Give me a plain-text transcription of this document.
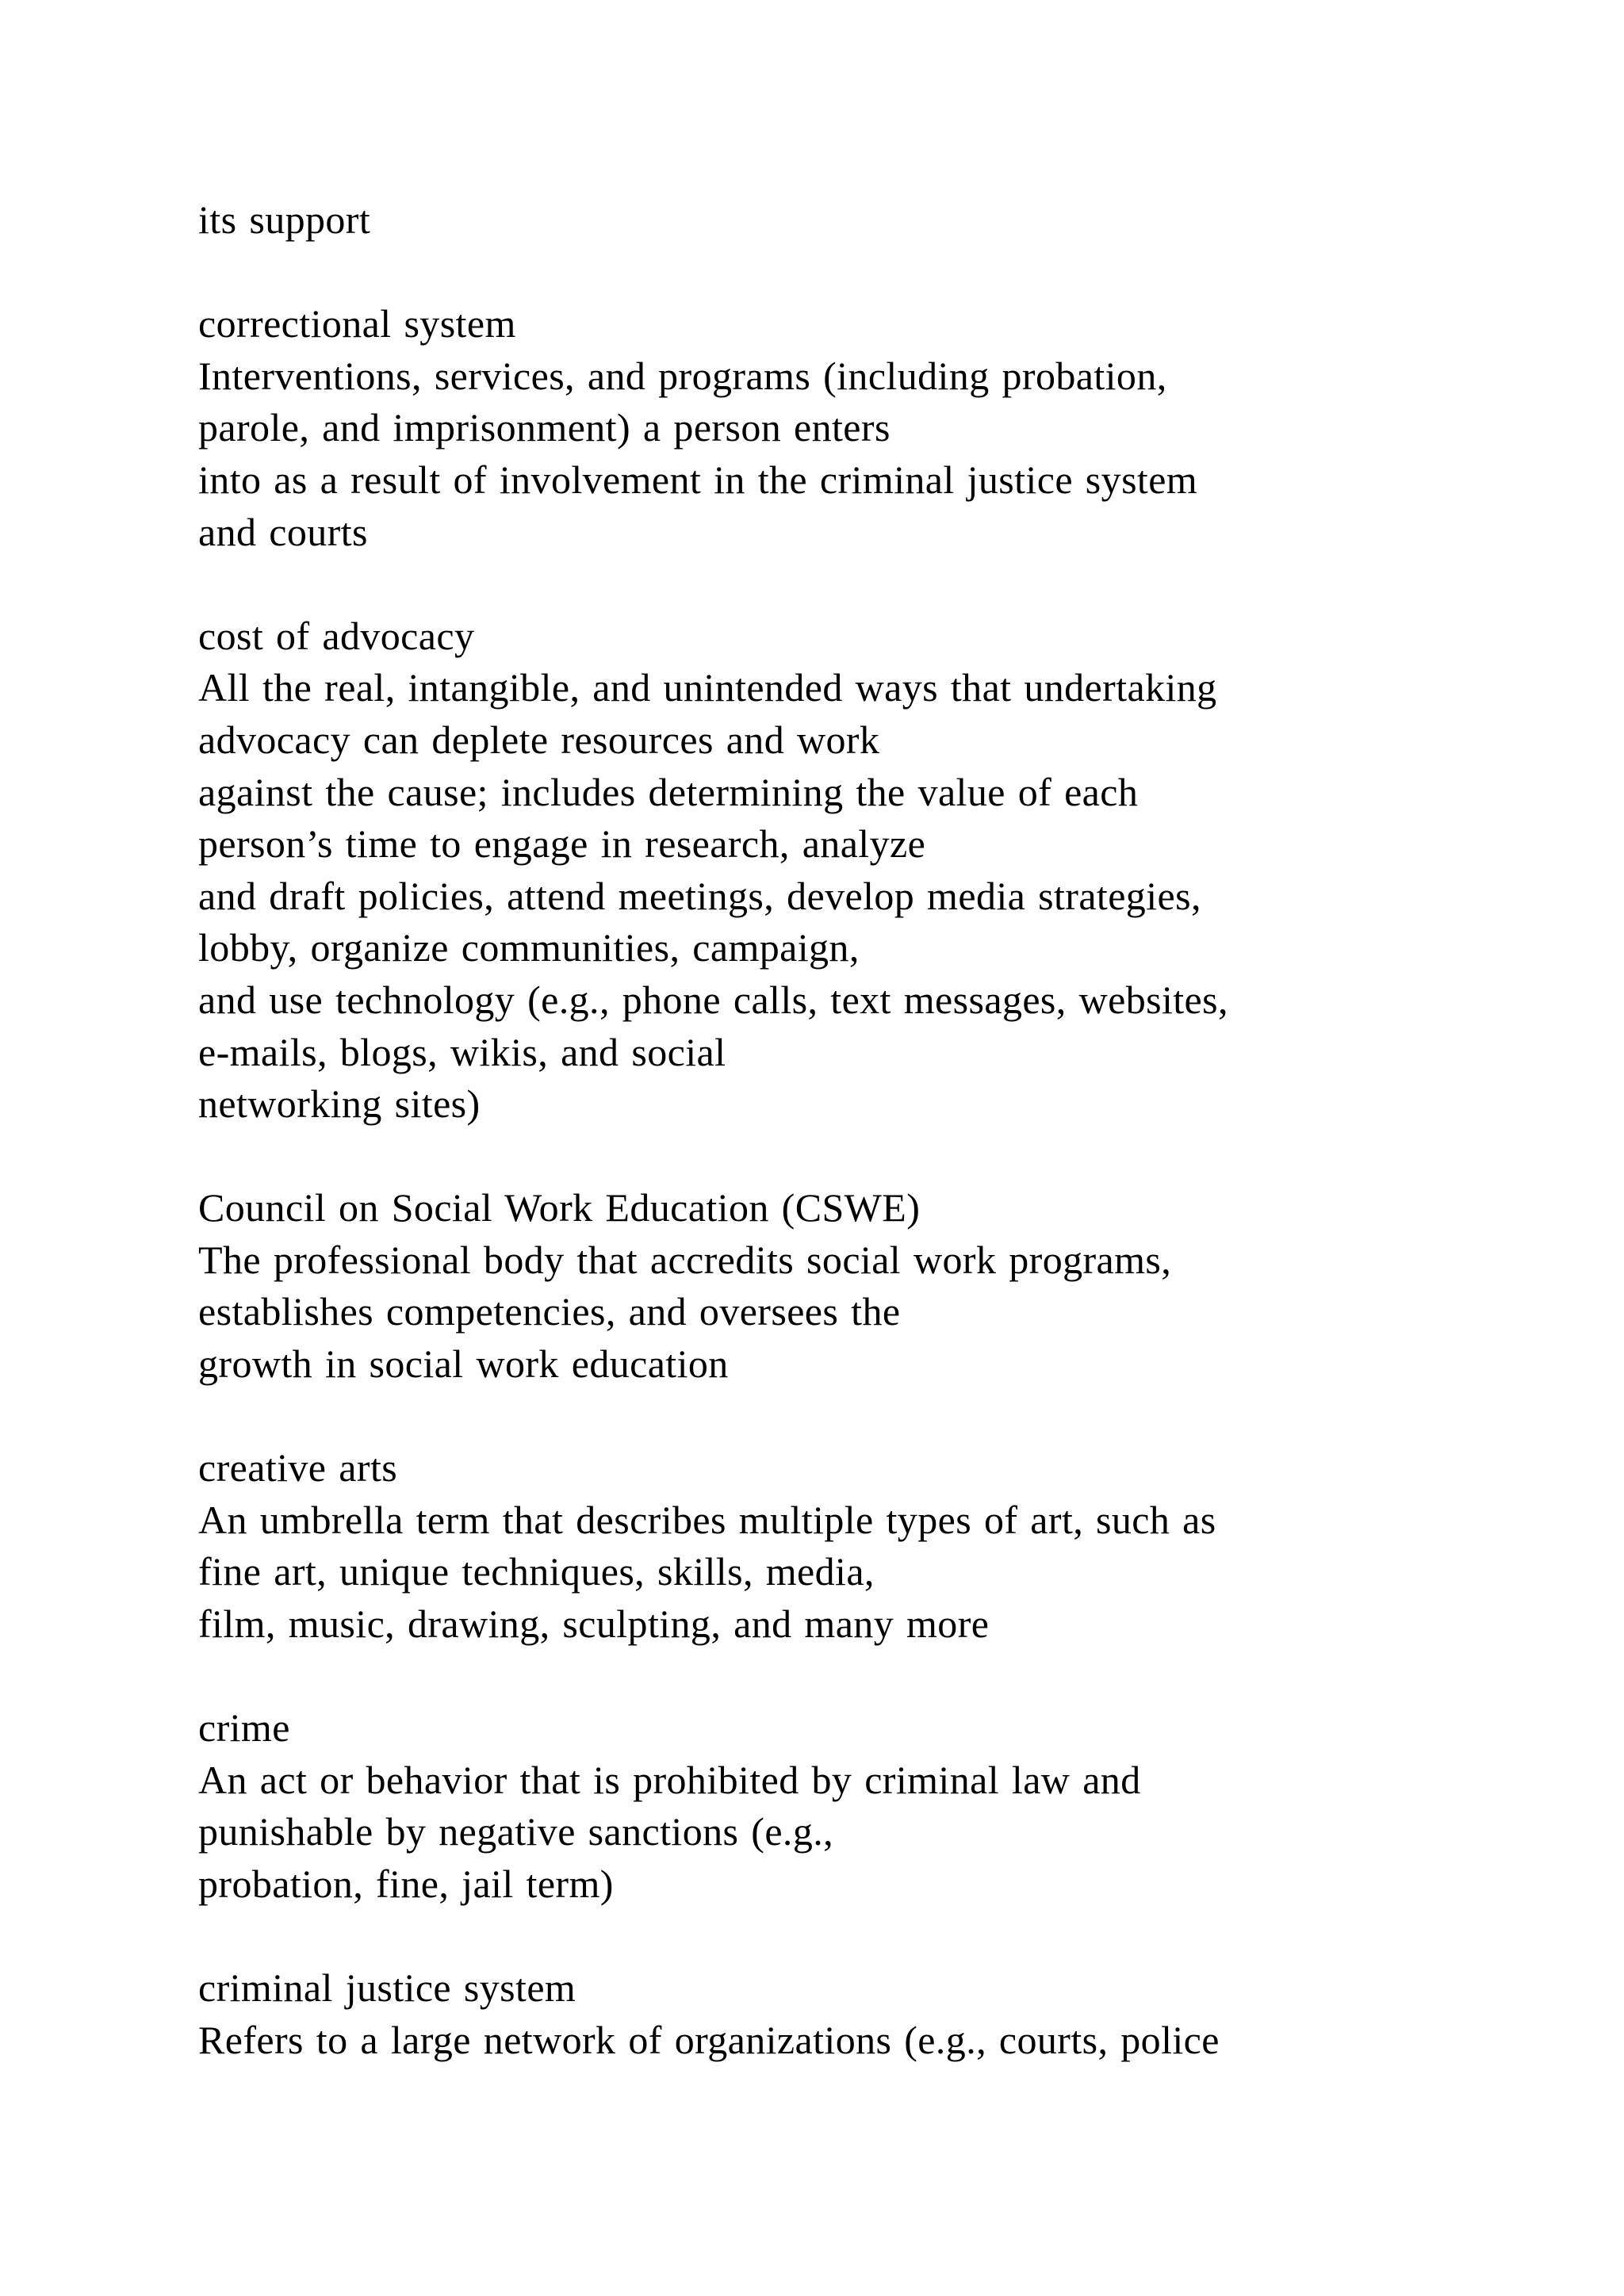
its support
correctional system
Interventions, services, and programs (including probation,
parole, and imprisonment) a person enters
into as a result of involvement in the criminal justice system
and courts
cost of advocacy
All the real, intangible, and unintended ways that undertaking
advocacy can deplete resources and work
against the cause; includes determining the value of each
person’s time to engage in research, analyze
and draft policies, attend meetings, develop media strategies,
lobby, organize communities, campaign,
and use technology (e.g., phone calls, text messages, websites,
e-mails, blogs, wikis, and social
networking sites)
Council on Social Work Education (CSWE)
The professional body that accredits social work programs,
establishes competencies, and oversees the
growth in social work education
creative arts
An umbrella term that describes multiple types of art, such as
fine art, unique techniques, skills, media,
film, music, drawing, sculpting, and many more
crime
An act or behavior that is prohibited by criminal law and
punishable by negative sanctions (e.g.,
probation, fine, jail term)
criminal justice system
Refers to a large network of organizations (e.g., courts, police
